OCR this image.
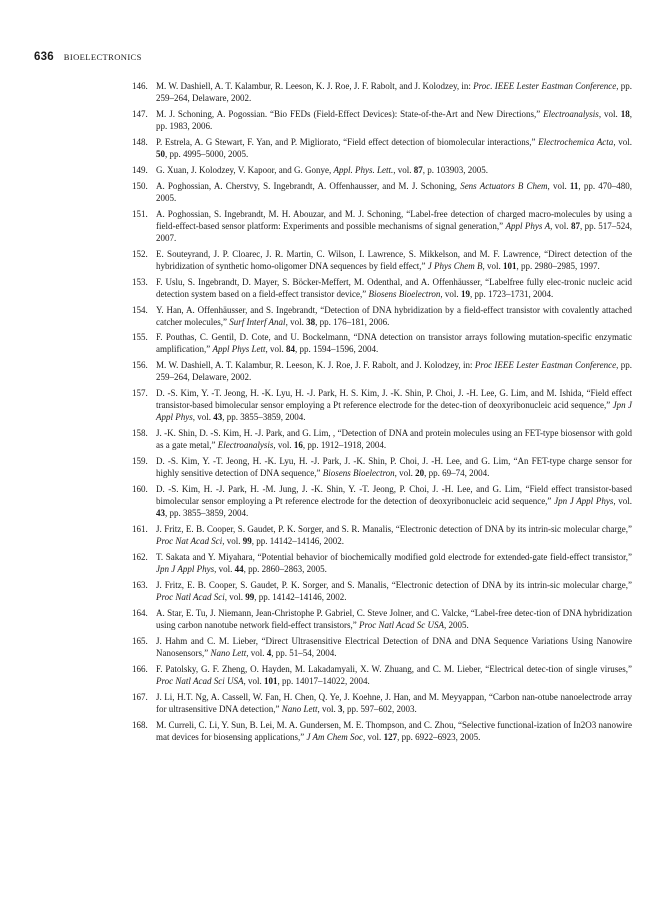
636 BIOELECTRONICS
146. M. W. Dashiell, A. T. Kalambur, R. Leeson, K. J. Roe, J. F. Rabolt, and J. Kolodzey, in: Proc. IEEE Lester Eastman Conference, pp. 259–264, Delaware, 2002.
147. M. J. Schoning, A. Pogossian. “Bio FEDs (Field-Effect Devices): State-of-the-Art and New Directions,” Electroanalysis, vol. 18, pp. 1983, 2006.
148. P. Estrela, A. G Stewart, F. Yan, and P. Migliorato, “Field effect detection of biomolecular interactions,” Electrochemica Acta, vol. 50, pp. 4995–5000, 2005.
149. G. Xuan, J. Kolodzey, V. Kapoor, and G. Gonye, Appl. Phys. Lett., vol. 87, p. 103903, 2005.
150. A. Poghossian, A. Cherstvy, S. Ingebrandt, A. Offenhausser, and M. J. Schoning, Sens Actuators B Chem, vol. 11, pp. 470–480, 2005.
151. A. Poghossian, S. Ingebrandt, M. H. Abouzar, and M. J. Schoning, “Label-free detection of charged macro-molecules by using a field-effect-based sensor platform: Experiments and possible mechanisms of signal generation,” Appl Phys A, vol. 87, pp. 517–524, 2007.
152. E. Souteyrand, J. P. Cloarec, J. R. Martin, C. Wilson, I. Lawrence, S. Mikkelson, and M. F. Lawrence, “Direct detection of the hybridization of synthetic homo-oligomer DNA sequences by field effect,” J Phys Chem B, vol. 101, pp. 2980–2985, 1997.
153. F. Uslu, S. Ingebrandt, D. Mayer, S. Böcker-Meffert, M. Odenthal, and A. Offenhäusser, “Labelfree fully elec-tronic nucleic acid detection system based on a field-effect transistor device,” Biosens Bioelectron, vol. 19, pp. 1723–1731, 2004.
154. Y. Han, A. Offenhäusser, and S. Ingebrandt, “Detection of DNA hybridization by a field-effect transistor with covalently attached catcher molecules,” Surf Interf Anal, vol. 38, pp. 176–181, 2006.
155. F. Pouthas, C. Gentil, D. Cote, and U. Bockelmann, “DNA detection on transistor arrays following mutation-specific enzymatic amplification,” Appl Phys Lett, vol. 84, pp. 1594–1596, 2004.
156. M. W. Dashiell, A. T. Kalambur, R. Leeson, K. J. Roe, J. F. Rabolt, and J. Kolodzey, in: Proc IEEE Lester Eastman Conference, pp. 259–264, Delaware, 2002.
157. D. -S. Kim, Y. -T. Jeong, H. -K. Lyu, H. -J. Park, H. S. Kim, J. -K. Shin, P. Choi, J. -H. Lee, G. Lim, and M. Ishida, “Field effect transistor-based bimolecular sensor employing a Pt reference electrode for the detec-tion of deoxyribonucleic acid sequence,” Jpn J Appl Phys, vol. 43, pp. 3855–3859, 2004.
158. J. -K. Shin, D. -S. Kim, H. -J. Park, and G. Lim, , “Detection of DNA and protein molecules using an FET-type biosensor with gold as a gate metal,” Electroanalysis, vol. 16, pp. 1912–1918, 2004.
159. D. -S. Kim, Y. -T. Jeong, H. -K. Lyu, H. -J. Park, J. -K. Shin, P. Choi, J. -H. Lee, and G. Lim, “An FET-type charge sensor for highly sensitive detection of DNA sequence,” Biosens Bioelectron, vol. 20, pp. 69–74, 2004.
160. D. -S. Kim, H. -J. Park, H. -M. Jung, J. -K. Shin, Y. -T. Jeong, P. Choi, J. -H. Lee, and G. Lim, “Field effect transistor-based bimolecular sensor employing a Pt reference electrode for the detection of deoxyribonucleic acid sequence,” Jpn J Appl Phys, vol. 43, pp. 3855–3859, 2004.
161. J. Fritz, E. B. Cooper, S. Gaudet, P. K. Sorger, and S. R. Manalis, “Electronic detection of DNA by its intrin-sic molecular charge,” Proc Nat Acad Sci, vol. 99, pp. 14142–14146, 2002.
162. T. Sakata and Y. Miyahara, “Potential behavior of biochemically modified gold electrode for extended-gate field-effect transistor,” Jpn J Appl Phys, vol. 44, pp. 2860–2863, 2005.
163. J. Fritz, E. B. Cooper, S. Gaudet, P. K. Sorger, and S. Manalis, “Electronic detection of DNA by its intrin-sic molecular charge,” Proc Natl Acad Sci, vol. 99, pp. 14142–14146, 2002.
164. A. Star, E. Tu, J. Niemann, Jean-Christophe P. Gabriel, C. Steve Jolner, and C. Valcke, “Label-free detec-tion of DNA hybridization using carbon nanotube network field-effect transistors,” Proc Natl Acad Sc USA, 2005.
165. J. Hahm and C. M. Lieber, “Direct Ultrasensitive Electrical Detection of DNA and DNA Sequence Variations Using Nanowire Nanosensors,” Nano Lett, vol. 4, pp. 51–54, 2004.
166. F. Patolsky, G. F. Zheng, O. Hayden, M. Lakadamyali, X. W. Zhuang, and C. M. Lieber, “Electrical detec-tion of single viruses,” Proc Natl Acad Sci USA, vol. 101, pp. 14017–14022, 2004.
167. J. Li, H.T. Ng, A. Cassell, W. Fan, H. Chen, Q. Ye, J. Koehne, J. Han, and M. Meyyappan, “Carbon nan-otube nanoelectrode array for ultrasensitive DNA detection,” Nano Lett, vol. 3, pp. 597–602, 2003.
168. M. Curreli, C. Li, Y. Sun, B. Lei, M. A. Gundersen, M. E. Thompson, and C. Zhou, “Selective functional-ization of In2O3 nanowire mat devices for biosensing applications,” J Am Chem Soc, vol. 127, pp. 6922–6923, 2005.
